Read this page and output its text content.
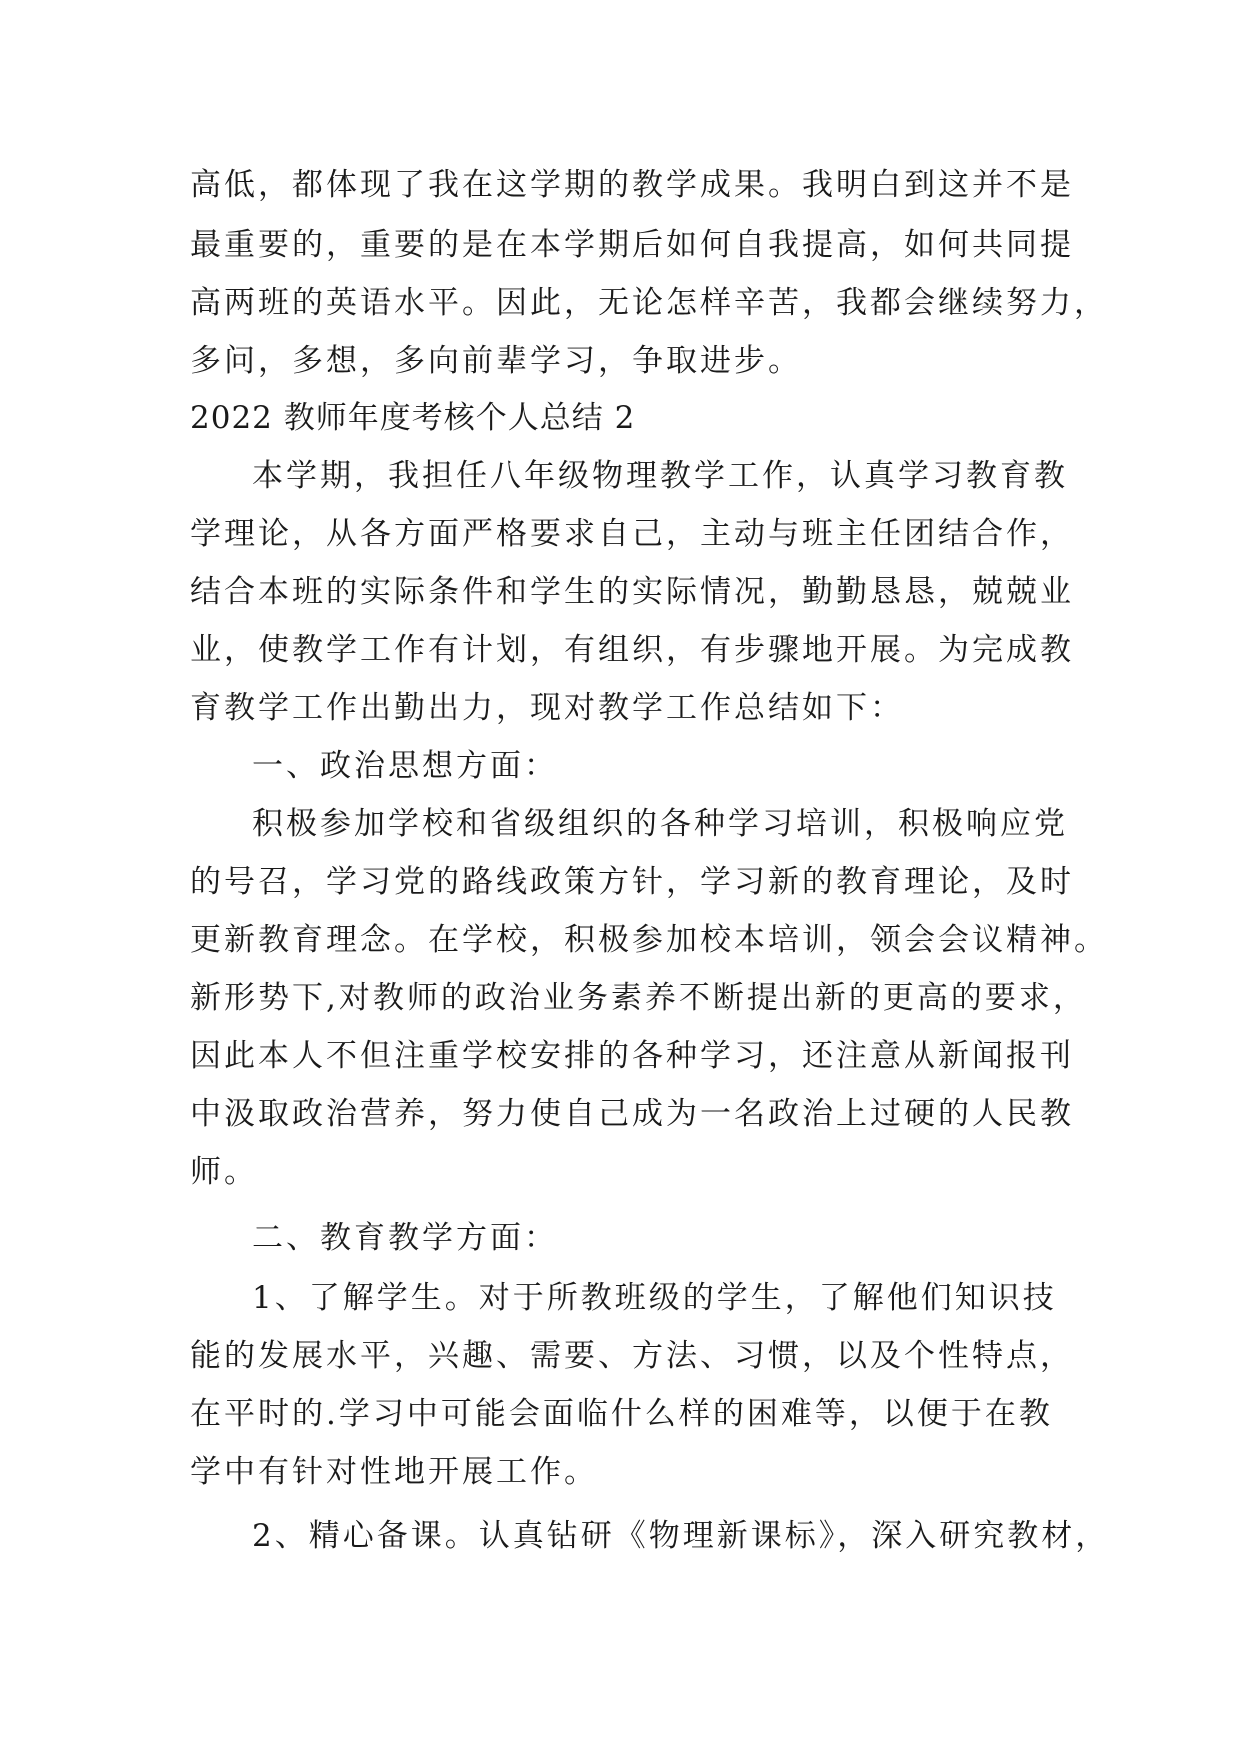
高低，都体现了我在这学期的教学成果。我明白到这并不是
最重要的，重要的是在本学期后如何自我提高，如何共同提
高两班的英语水平。因此，无论怎样辛苦，我都会继续努力，
多问，多想，多向前辈学习，争取进步。
2022 教师年度考核个人总结 2
本学期，我担任八年级物理教学工作，认真学习教育教
学理论，从各方面严格要求自己，主动与班主任团结合作，
结合本班的实际条件和学生的实际情况，勤勤恳恳，兢兢业
业，使教学工作有计划，有组织，有步骤地开展。为完成教
育教学工作出勤出力，现对教学工作总结如下：
一、政治思想方面：
积极参加学校和省级组织的各种学习培训，积极响应党
的号召，学习党的路线政策方针，学习新的教育理论，及时
更新教育理念。在学校，积极参加校本培训，领会会议精神。
新形势下,对教师的政治业务素养不断提出新的更高的要求，
因此本人不但注重学校安排的各种学习，还注意从新闻报刊
中汲取政治营养，努力使自己成为一名政治上过硬的人民教
师。
二、教育教学方面：
1、了解学生。对于所教班级的学生，了解他们知识技
能的发展水平，兴趣、需要、方法、习惯，以及个性特点，
在平时的.学习中可能会面临什么样的困难等，以便于在教
学中有针对性地开展工作。
2、精心备课。认真钻研《物理新课标》，深入研究教材，
